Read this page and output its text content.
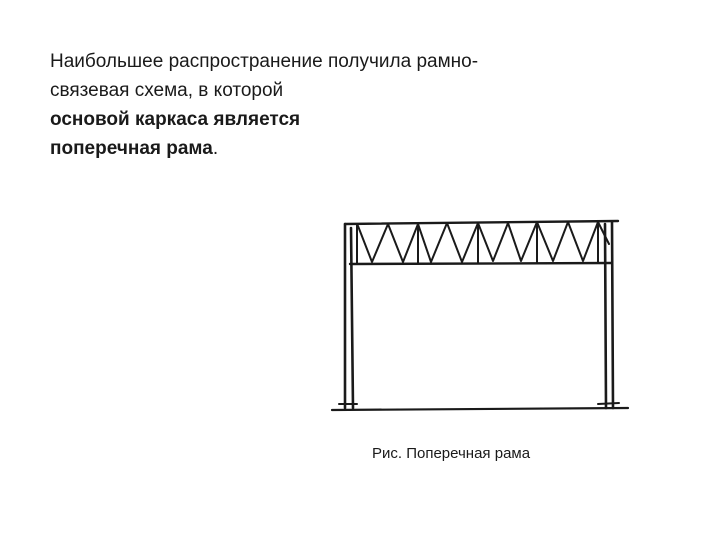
Наибольшее распространение получила рамно-
связевая схема, в которой
основой каркаса является
поперечная рама.
Рис. Поперечная рама
